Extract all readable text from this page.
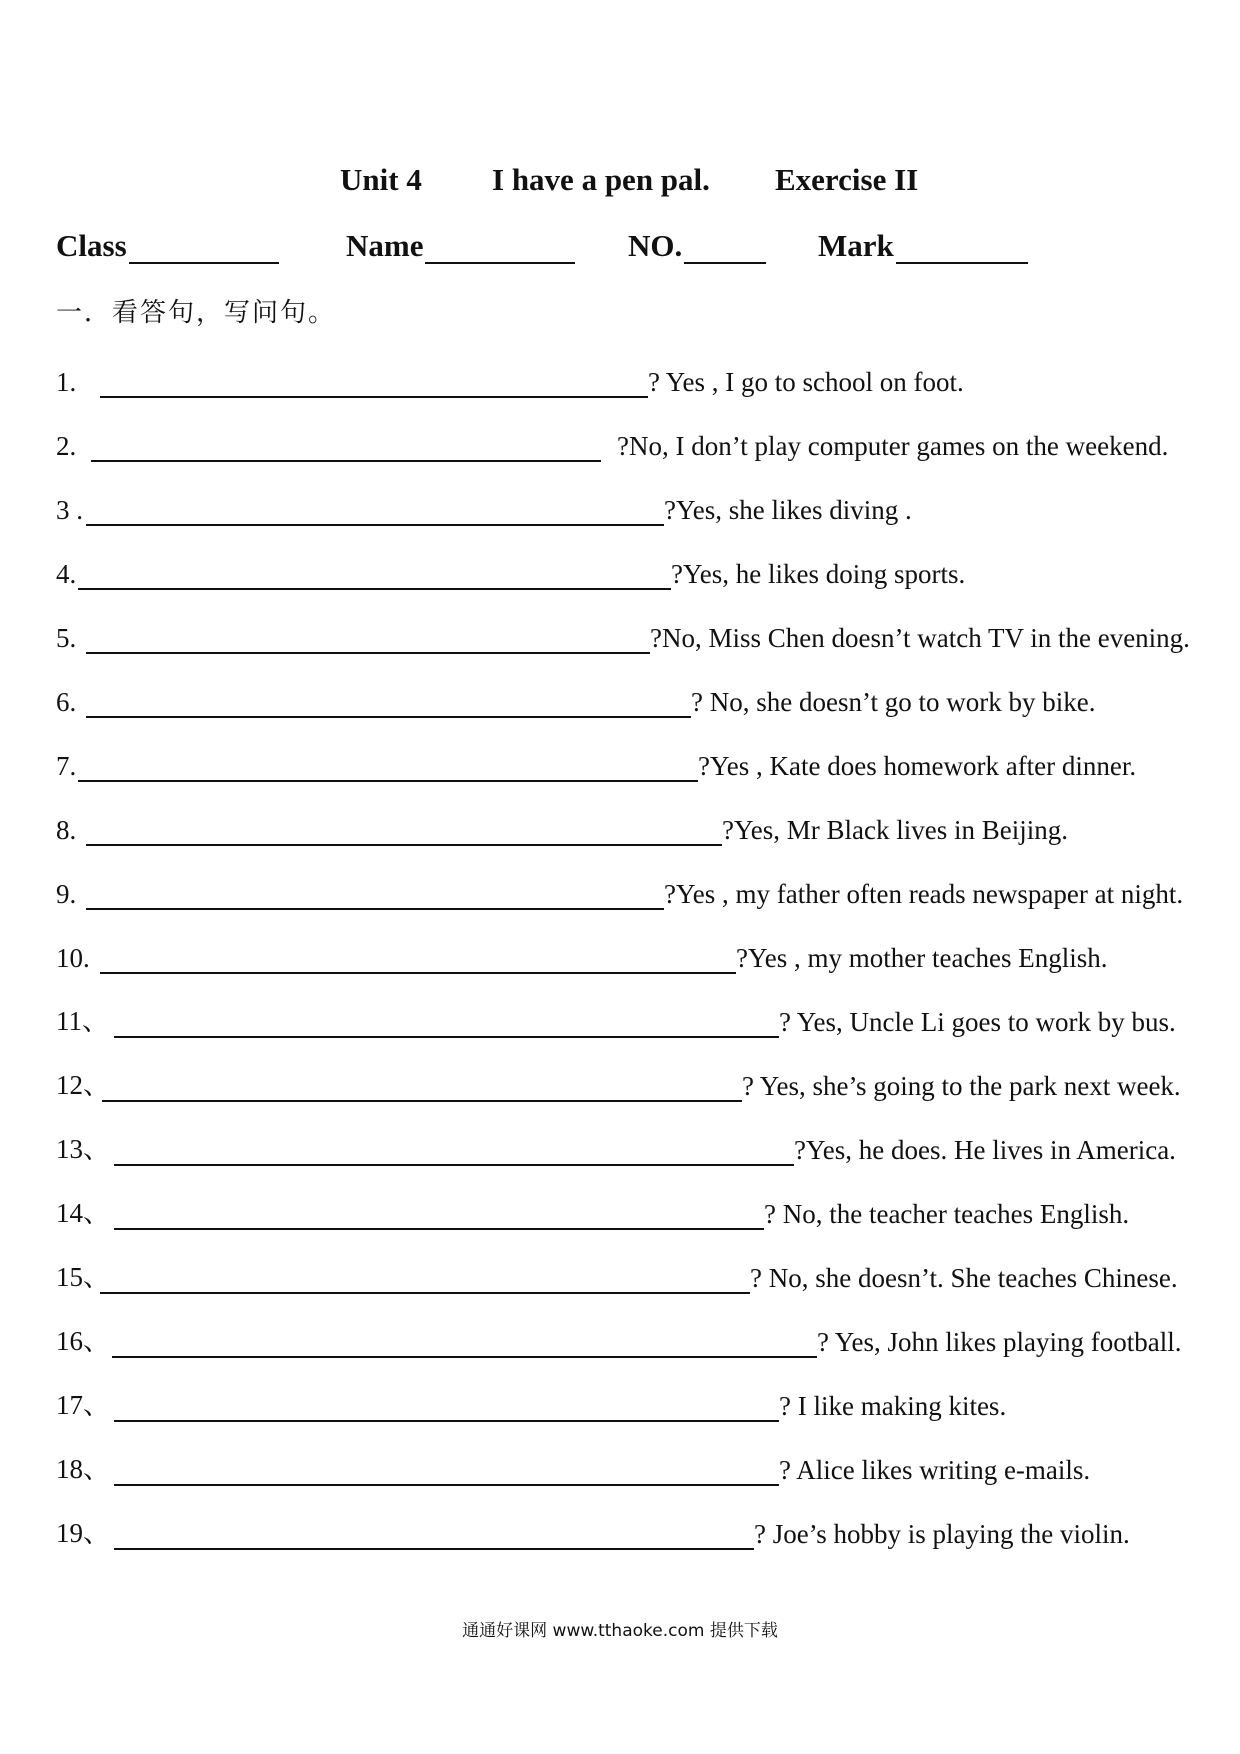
Unit 4 I have a pen pal. Exercise II
Class	Name	NO.	Mark
一．看答句，写问句。
1.	? Yes , I go to school on foot.
2.	?No, I don’t play computer games on the weekend.
3 .	?Yes, she likes diving .
4.	?Yes, he likes doing sports.
5.	?No, Miss Chen doesn’t watch TV in the evening.
6.	? No, she doesn’t go to work by bike.
7.	?Yes , Kate does homework after dinner.
8.	?Yes, Mr Black lives in Beijing.
9.	?Yes , my father often reads newspaper at night.
10.	?Yes , my mother teaches English.
11、	? Yes, Uncle Li goes to work by bus.
12、	? Yes, she’s going to the park next week.
13、	?Yes, he does. He lives in America.
14、	? No, the teacher teaches English.
15、	? No, she doesn’t. She teaches Chinese.
16、	? Yes, John likes playing football.
17、	? I like making kites.
18、	? Alice likes writing e-mails.
19、	? Joe’s hobby is playing the violin.
通通好课网 www.tthaoke.com 提供下载
